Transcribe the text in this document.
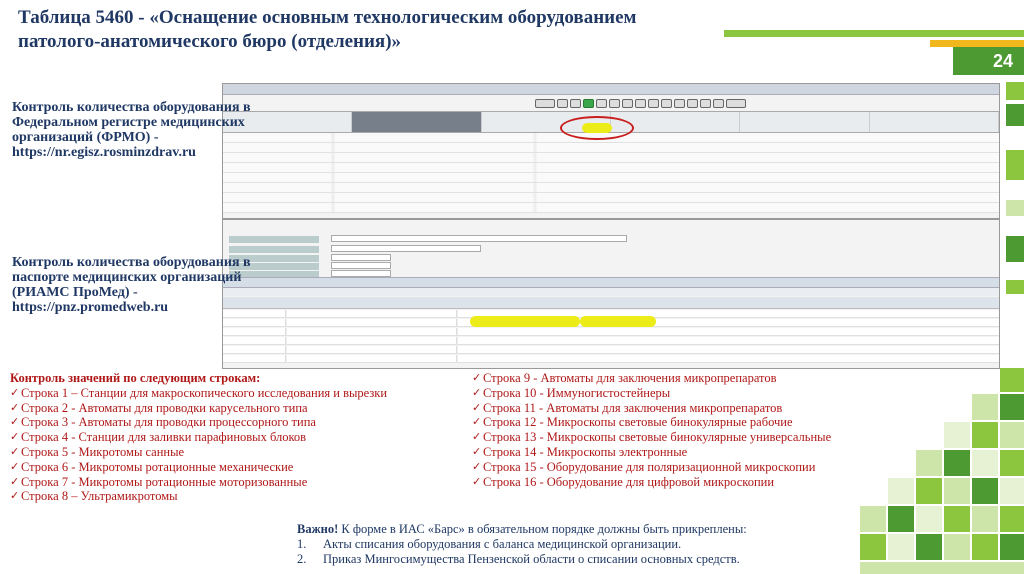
Таблица 5460 - «Оснащение основным технологическим оборудованием патолого-анатомического бюро (отделения)»
24
Контроль количества оборудования в Федеральном регистре медицинских организаций (ФРМО) -
https://nr.egisz.rosminzdrav.ru
Контроль количества оборудования в паспорте медицинских организаций (РИАМС ПроМед) -
https://pnz.promedweb.ru
Контроль значений по следующим строкам:
✓ Строка 1 – Станции для макроскопического исследования и вырезки
✓ Строка 2 - Автоматы для проводки карусельного типа
✓ Строка 3 - Автоматы для проводки процессорного типа
✓ Строка 4 - Станции для заливки парафиновых блоков
✓ Строка 5 - Микротомы санные
✓ Строка 6 - Микротомы ротационные механические
✓ Строка 7 - Микротомы ротационные моторизованные
✓ Строка 8 – Ультрамикротомы
✓ Строка 9 - Автоматы для заключения микропрепаратов
✓ Строка 10 - Иммуногистостейнеры
✓ Строка 11 - Автоматы для заключения микропрепаратов
✓ Строка 12 - Микроскопы световые бинокулярные рабочие
✓ Строка 13 - Микроскопы световые бинокулярные универсальные
✓ Строка 14 - Микроскопы электронные
✓ Строка 15 - Оборудование для поляризационной микроскопии
✓ Строка 16 - Оборудование для цифровой микроскопии
Важно! К форме в ИАС «Барс» в обязательном порядке должны быть прикреплены:
1. Акты списания оборудования с баланса медицинской организации.
2. Приказ Мингосимущества Пензенской области о списании основных средств.
